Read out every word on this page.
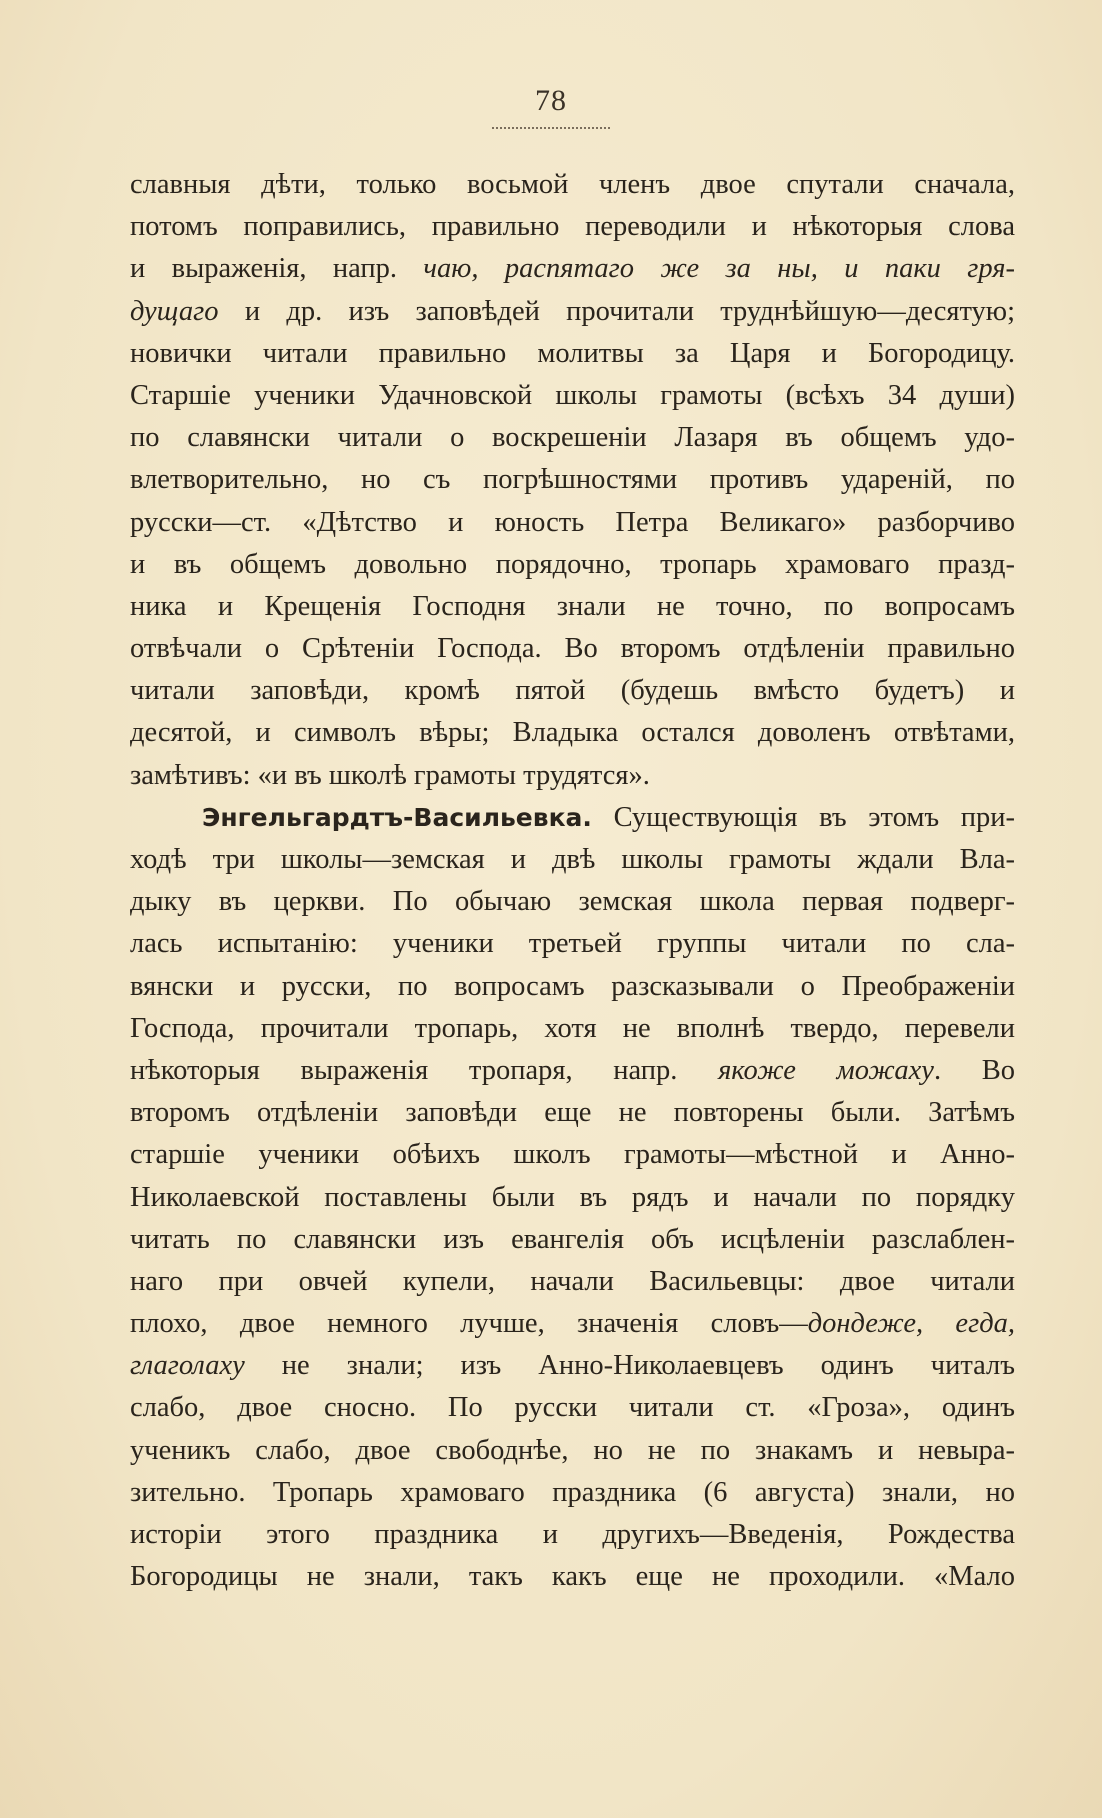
78
славныя дѣти, только восьмой членъ двое спутали сначала,
потомъ поправились, правильно переводили и нѣкоторыя слова
и выраженія, напр. чаю, распятаго же за ны, и паки гря-
дущаго и др. изъ заповѣдей прочитали труднѣйшую—десятую;
новички читали правильно молитвы за Царя и Богородицу.
Старшіе ученики Удачновской школы грамоты (всѣхъ 34 души)
по славянски читали о воскрешеніи Лазаря въ общемъ удо-
влетворительно, но съ погрѣшностями противъ удареній, по
русски—ст. «Дѣтство и юность Петра Великаго» разборчиво
и въ общемъ довольно порядочно, тропарь храмоваго празд-
ника и Крещенія Господня знали не точно, по вопросамъ
отвѣчали о Срѣтеніи Господа. Во второмъ отдѣленіи правильно
читали заповѣди, кромѣ пятой (будешь вмѣсто будетъ) и
десятой, и символъ вѣры; Владыка остался доволенъ отвѣтами,
замѣтивъ: «и въ школѣ грамоты трудятся».
Энгельгардтъ-Васильевка. Существующія въ этомъ при-
ходѣ три школы—земская и двѣ школы грамоты ждали Вла-
дыку въ церкви. По обычаю земская школа первая подверг-
лась испытанію: ученики третьей группы читали по сла-
вянски и русски, по вопросамъ разсказывали о Преображеніи
Господа, прочитали тропарь, хотя не вполнѣ твердо, перевели
нѣкоторыя выраженія тропаря, напр. якоже можаху. Во
второмъ отдѣленіи заповѣди еще не повторены были. Затѣмъ
старшіе ученики обѣихъ школъ грамоты—мѣстной и Анно-
Николаевской поставлены были въ рядъ и начали по порядку
читать по славянски изъ евангелія объ исцѣленіи разслаблен-
наго при овчей купели, начали Васильевцы: двое читали
плохо, двое немного лучше, значенія словъ—дондеже, егда,
глаголаху не знали; изъ Анно-Николаевцевъ одинъ читалъ
слабо, двое сносно. По русски читали ст. «Гроза», одинъ
ученикъ слабо, двое свободнѣе, но не по знакамъ и невыра-
зительно. Тропарь храмоваго праздника (6 августа) знали, но
исторіи этого праздника и другихъ—Введенія, Рождества
Богородицы не знали, такъ какъ еще не проходили. «Мало
